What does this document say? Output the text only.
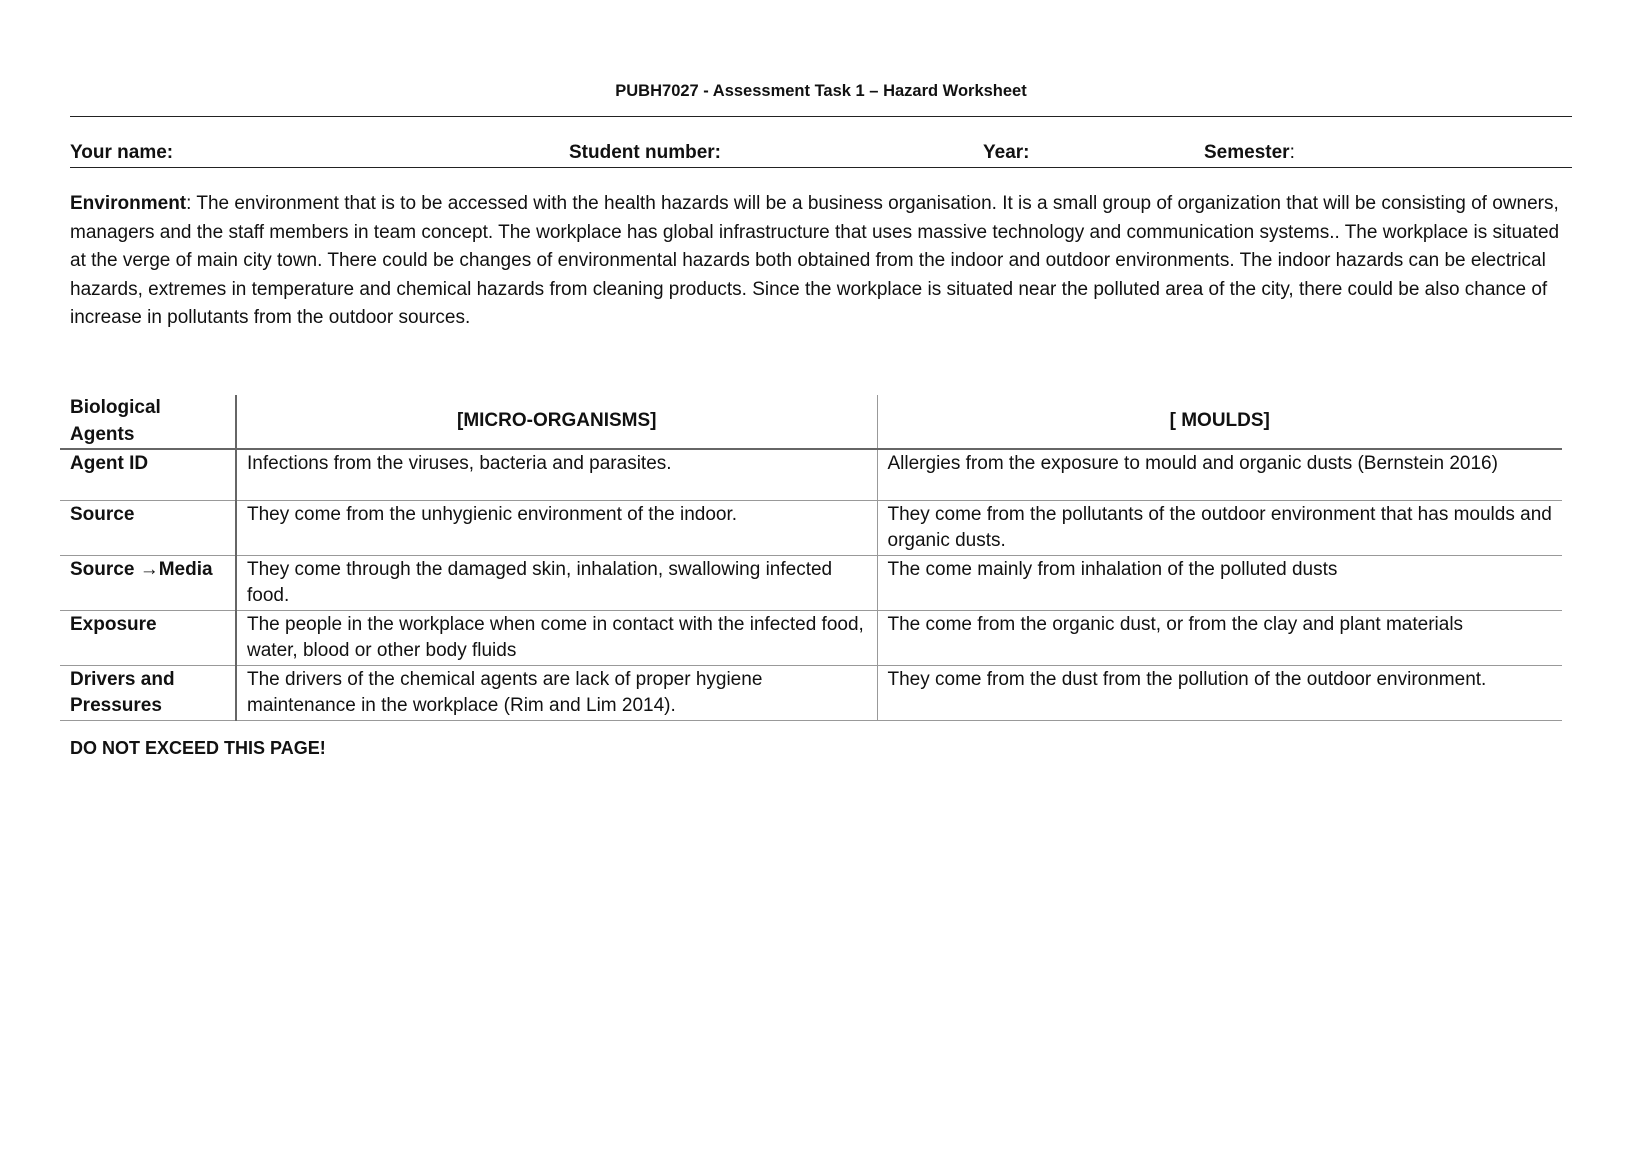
PUBH7027 - Assessment Task 1 – Hazard Worksheet
Your name:	Student number:	Year:	Semester:
Environment: The environment that is to be accessed with the health hazards will be a business organisation. It is a small group of organization that will be consisting of owners, managers and the staff members in team concept. The workplace has global infrastructure that uses massive technology and communication systems.. The workplace is situated at the verge of main city town. There could be changes of environmental hazards both obtained from the indoor and outdoor environments. The indoor hazards can be electrical hazards, extremes in temperature and chemical hazards from cleaning products. Since the workplace is situated near the polluted area of the city, there could be also chance of increase in pollutants from the outdoor sources.
Biological Agents	[MICRO-ORGANISMS]	[ MOULDS]
Agent ID	Infections from the viruses, bacteria and parasites.	Allergies from the exposure to mould and organic dusts (Bernstein 2016)
Source	They come from the unhygienic environment of the indoor.	They come from the pollutants of the outdoor environment that has moulds and organic dusts.
Source →Media	They come through the damaged skin, inhalation, swallowing infected food.	The come mainly from inhalation of the polluted dusts
Exposure	The people in the workplace when come in contact with the infected food, water, blood or other body fluids	The come from the organic dust, or from the clay and plant materials
Drivers and Pressures	The drivers of the chemical agents are lack of proper hygiene maintenance in the workplace (Rim and Lim 2014).	They come from the dust from the pollution of the outdoor environment.
DO NOT EXCEED THIS PAGE!
